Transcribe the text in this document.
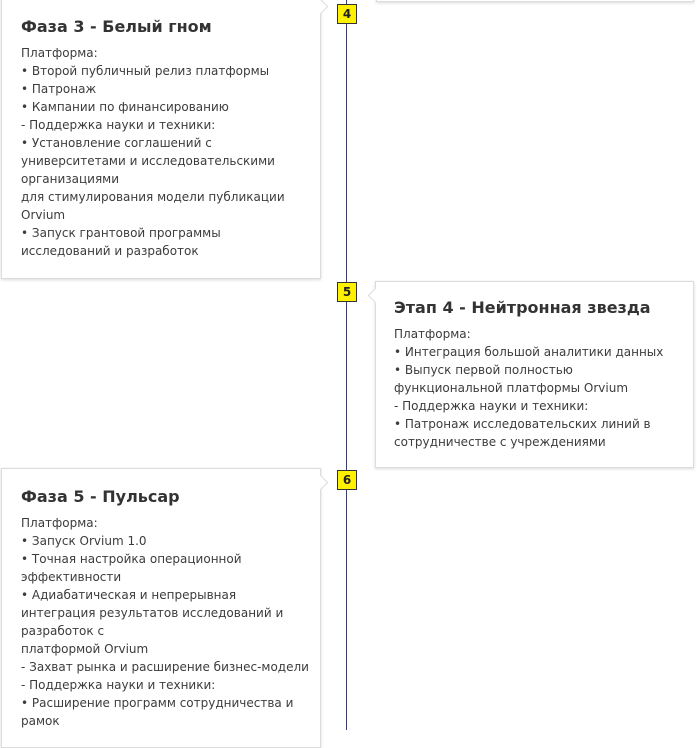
Фаза 3 - Белый гном
Платформа:
• Второй публичный релиз платформы
• Патронаж
• Кампании по финансированию
- Поддержка науки и техники:
• Установление соглашений с
университетами и исследовательскими
организациями
для стимулирования модели публикации
Orvium
• Запуск грантовой программы
исследований и разработок
Этап 4 - Нейтронная звезда
Платформа:
• Интеграция большой аналитики данных
• Выпуск первой полностью
функциональной платформы Orvium
- Поддержка науки и техники:
• Патронаж исследовательских линий в
сотрудничестве с учреждениями
Фаза 5 - Пульсар
Платформа:
• Запуск Orvium 1.0
• Точная настройка операционной
эффективности
• Адиабатическая и непрерывная
интеграция результатов исследований и
разработок с
платформой Orvium
- Захват рынка и расширение бизнес-модели
- Поддержка науки и техники:
• Расширение программ сотрудничества и
рамок
4
5
6
